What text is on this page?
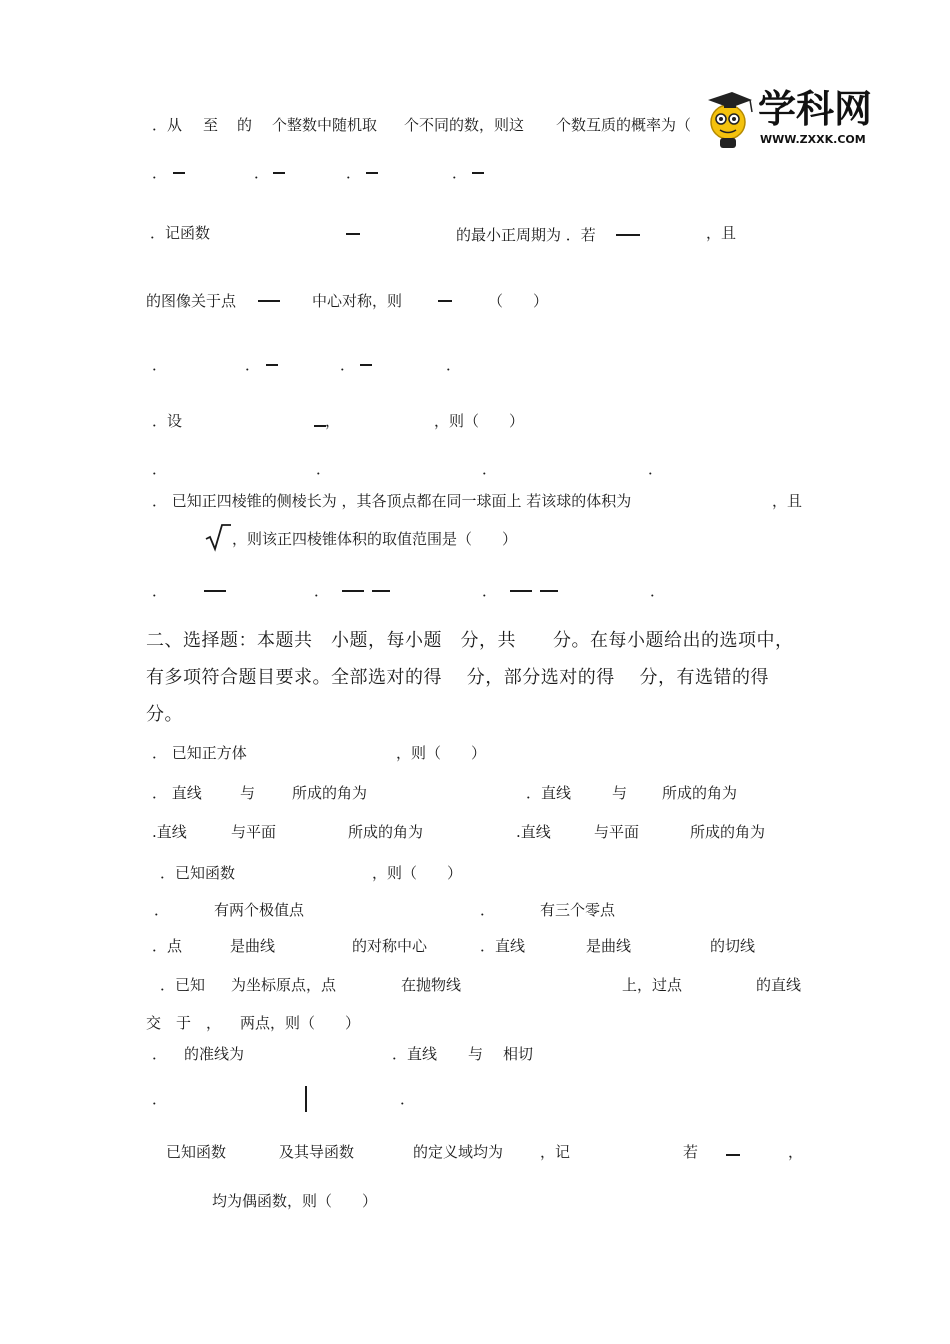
学科网
WWW.ZXXK.COM
．从 至 的 个整数中随机取 个不同的数，则这 个数互质的概率为（
．	．	．	．
．记函数	的最小正周期为 ．若	，且
的图像关于点	中心对称，则	（　　）
．	．	．	．
．设	，	，则（　　）
．	．	．	．
． 已知正四棱锥的侧棱长为 ，其各顶点都在同一球面上 若该球的体积为	，且
，则该正四棱锥体积的取值范围是（　　）
．	．	．	．
二、选择题：本题共　小题，每小题　分，共　　分。在每小题给出的选项中，
有多项符合题目要求。全部选对的得　 分，部分选对的得　 分，有选错的得
分。
． 已知正方体	，则（　　）
． 直线	与 所成的角为	．直线	与 所成的角为
.直线	与平面	所成的角为	.直线	与平面	所成的角为
．已知函数	，则（　　）
．	有两个极值点	．	有三个零点
．点	是曲线	的对称中心	．直线	是曲线	的切线
．已知 为坐标原点，点	在抛物线	上，过点	的直线
交　于　， 两点，则（　　）
． 的准线为	．直线 与 相切
．	．
已知函数	及其导函数	的定义域均为 ，记	若	，
均为偶函数，则（　　）
